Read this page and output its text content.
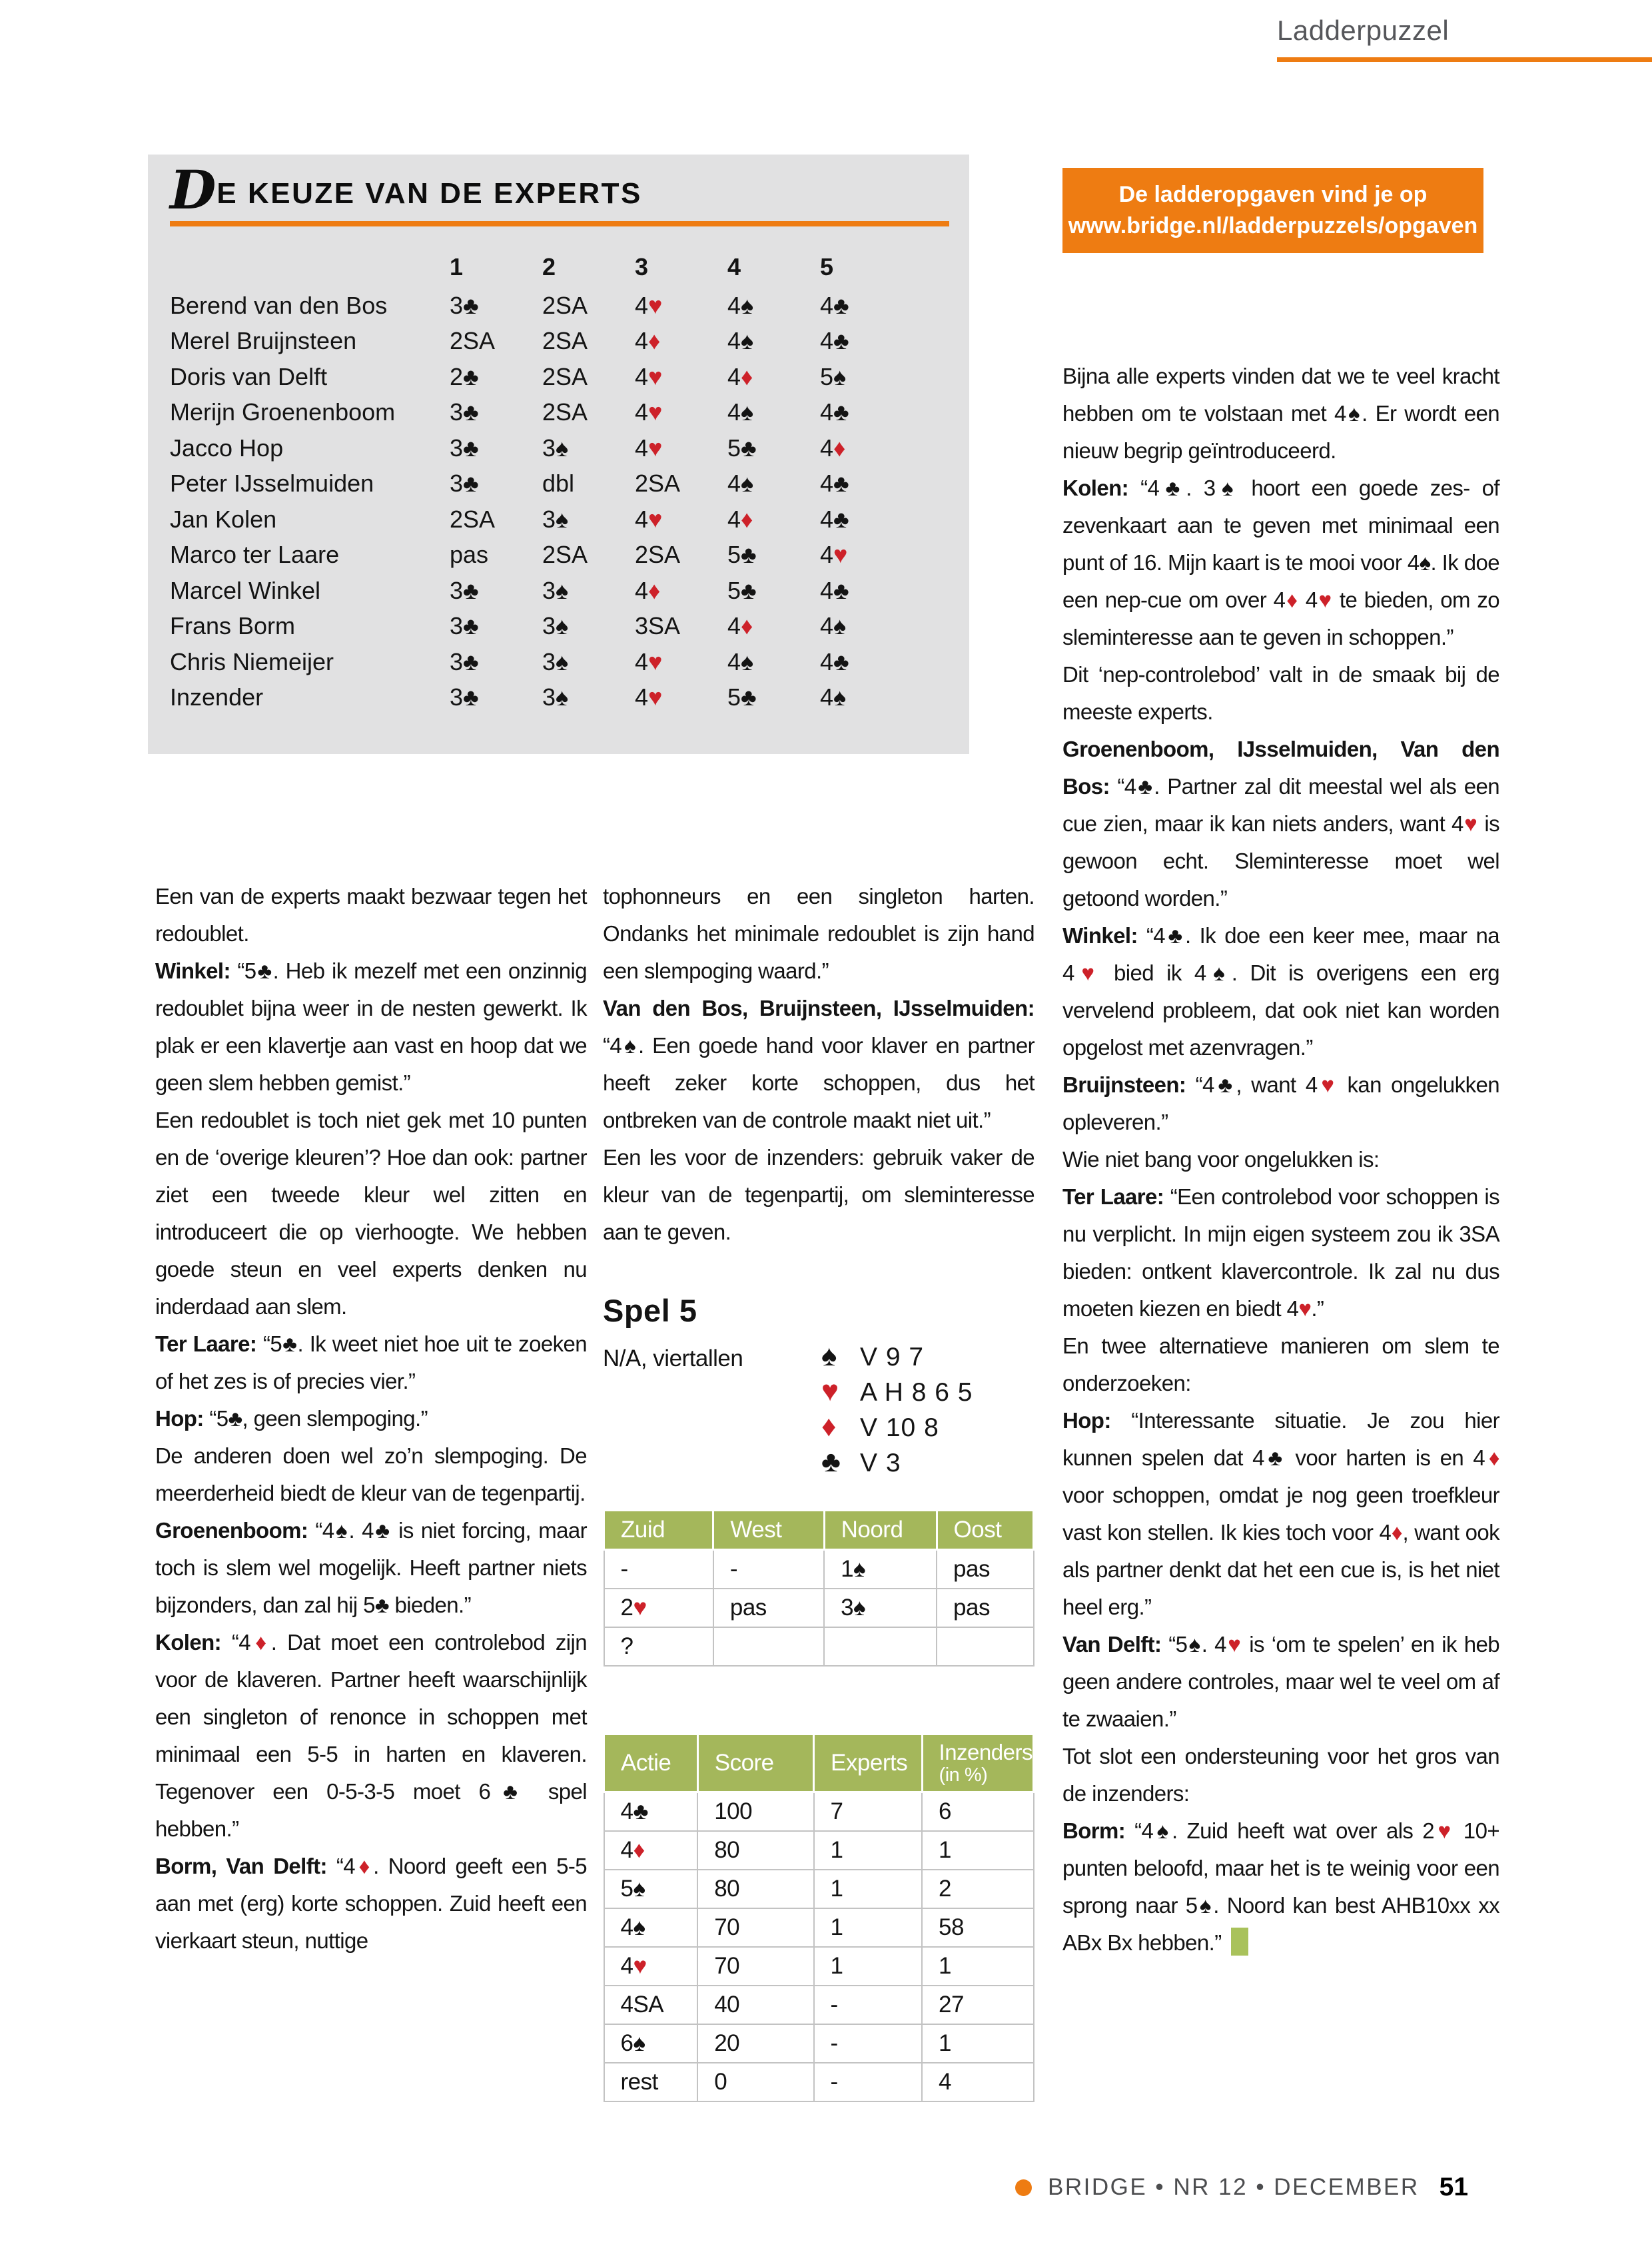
Ladderpuzzel
DE KEUZE VAN DE EXPERTS
1	2	3	4	5
Berend van den Bos	3♣	2SA	4♥	4♠	4♣
Merel Bruijnsteen	2SA	2SA	4♦	4♠	4♣
Doris van Delft	2♣	2SA	4♥	4♦	5♠
Merijn Groenenboom	3♣	2SA	4♥	4♠	4♣
Jacco Hop	3♣	3♠	4♥	5♣	4♦
Peter IJsselmuiden	3♣	dbl	2SA	4♠	4♣
Jan Kolen	2SA	3♠	4♥	4♦	4♣
Marco ter Laare	pas	2SA	2SA	5♣	4♥
Marcel Winkel	3♣	3♠	4♦	5♣	4♣
Frans Borm	3♣	3♠	3SA	4♦	4♠
Chris Niemeijer	3♣	3♠	4♥	4♠	4♣
Inzender	3♣	3♠	4♥	5♣	4♠
De ladderopgaven vind je op
www.bridge.nl/ladderpuzzels/opgaven

Een van de experts maakt bezwaar tegen het redoublet.

Winkel: “5♣. Heb ik mezelf met een onzinnig redoublet bijna weer in de nesten gewerkt. Ik plak er een klavertje aan vast en hoop dat we geen slem hebben gemist.”

Een redoublet is toch niet gek met 10 punten en de ‘overige kleuren’? Hoe dan ook: partner ziet een tweede kleur wel zitten en introduceert die op vierhoogte. We hebben goede steun en veel experts denken nu inderdaad aan slem.

Ter Laare: “5♣. Ik weet niet hoe uit te zoeken of het zes is of precies vier.”

Hop: “5♣, geen slempoging.”

De anderen doen wel zo’n slempoging. De meerderheid biedt de kleur van de tegenpartij.

Groenenboom: “4♠. 4♣ is niet forcing, maar toch is slem wel mogelijk. Heeft partner niets bijzonders, dan zal hij 5♣ bieden.”

Kolen: “4♦. Dat moet een controlebod zijn voor de klaveren. Partner heeft waarschijnlijk een singleton of renonce in schoppen met minimaal een 5-5 in harten en klaveren. Tegenover een 0-5-3-5 moet 6♣ spel hebben.”

Borm, Van Delft: “4♦. Noord geeft een 5-5 aan met (erg) korte schoppen. Zuid heeft een vierkaart steun, nuttige

tophonneurs en een singleton harten. Ondanks het minimale redoublet is zijn hand een slempoging waard.”

Van den Bos, Bruijnsteen, IJsselmuiden: “4♠. Een goede hand voor klaver en partner heeft zeker korte schoppen, dus het ontbreken van de controle maakt niet uit.”

Een les voor de inzenders: gebruik vaker de kleur van de tegenpartij, om sleminteresse aan te geven.

Spel 5
N/A, viertallen	♠ V 9 7
♥ A H 8 6 5
♦ V 10 8
♣ V 3
Zuid	West	Noord	Oost
-	-	1♠	pas
2♥	pas	3♠	pas
?			
Actie	Score	Experts	Inzenders
(in %)

4♣	100	7	6
4♦	80	1	1
5♠	80	1	2
4♠	70	1	58
4♥	70	1	1
4SA	40	-	27
6♠	20	-	1
rest	0	-	4

Bijna alle experts vinden dat we te veel kracht hebben om te volstaan met 4♠. Er wordt een nieuw begrip geïntroduceerd.

Kolen: “4♣. 3♠ hoort een goede zes- of zevenkaart aan te geven met minimaal een punt of 16. Mijn kaart is te mooi voor 4♠. Ik doe een nep-cue om over 4♦ 4♥ te bieden, om zo sleminteresse aan te geven in schoppen.”

Dit ‘nep-controlebod’ valt in de smaak bij de meeste experts.

Groenenboom, IJsselmuiden, Van den Bos: “4♣. Partner zal dit meestal wel als een cue zien, maar ik kan niets anders, want 4♥ is gewoon echt. Sleminteresse moet wel getoond worden.”

Winkel: “4♣. Ik doe een keer mee, maar na 4♥ bied ik 4♠. Dit is overigens een erg vervelend probleem, dat ook niet kan worden opgelost met azenvragen.”

Bruijnsteen: “4♣, want 4♥ kan ongelukken opleveren.”

Wie niet bang voor ongelukken is:

Ter Laare: “Een controlebod voor schoppen is nu verplicht. In mijn eigen systeem zou ik 3SA bieden: ontkent klavercontrole. Ik zal nu dus moeten kiezen en biedt 4♥.”

En twee alternatieve manieren om slem te onderzoeken:

Hop: “Interessante situatie. Je zou hier kunnen spelen dat 4♣ voor harten is en 4♦ voor schoppen, omdat je nog geen troefkleur vast kon stellen. Ik kies toch voor 4♦, want ook als partner denkt dat het een cue is, is het niet heel erg.”

Van Delft: “5♠. 4♥ is ‘om te spelen’ en ik heb geen andere controles, maar wel te veel om af te zwaaien.”

Tot slot een ondersteuning voor het gros van de inzenders:

Borm: “4♠. Zuid heeft wat over als 2♥ 10+ punten beloofd, maar het is te weinig voor een sprong naar 5♠. Noord kan best AHB10xx xx ABx Bx hebben.”

BRIDGE • NR 12 • DECEMBER 51
